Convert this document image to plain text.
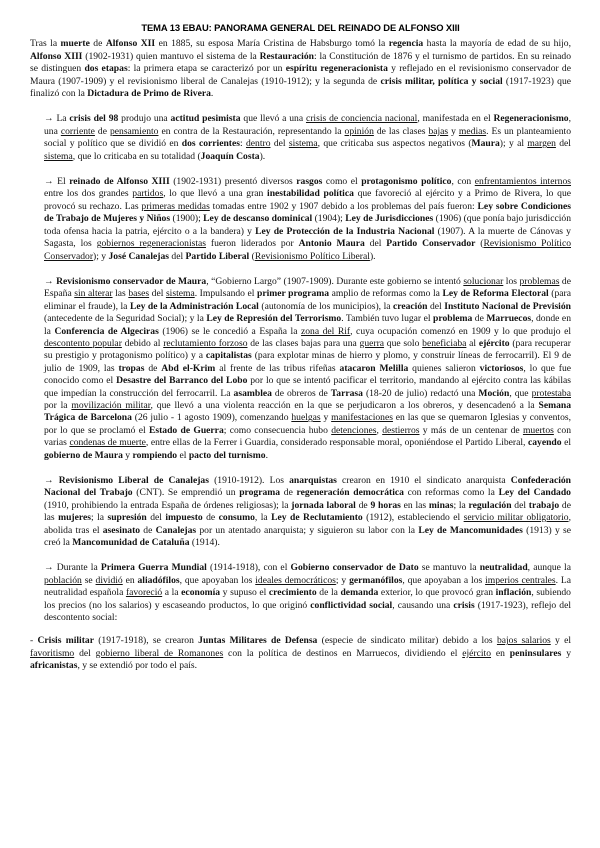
TEMA 13 EBAU: PANORAMA GENERAL DEL REINADO DE ALFONSO XIII

Tras la muerte de Alfonso XII en 1885, su esposa María Cristina de Habsburgo tomó la regencia hasta la mayoría de edad de su hijo, Alfonso XIII (1902-1931) quien mantuvo el sistema de la Restauración: la Constitución de 1876 y el turnismo de partidos. En su reinado se distinguen dos etapas: la primera etapa se caracterizó por un espíritu regeneracionista y reflejado en el revisionismo conservador de Maura (1907-1909) y el revisionismo liberal de Canalejas (1910-1912); y la segunda de crisis militar, política y social (1917-1923) que finalizó con la Dictadura de Primo de Rivera.

→ La crisis del 98 produjo una actitud pesimista que llevó a una crisis de conciencia nacional, manifestada en el Regeneracionismo, una corriente de pensamiento en contra de la Restauración, representando la opinión de las clases bajas y medias. Es un planteamiento social y político que se dividió en dos corrientes: dentro del sistema, que criticaba sus aspectos negativos (Maura); y al margen del sistema, que lo criticaba en su totalidad (Joaquín Costa).

→ El reinado de Alfonso XIII (1902-1931) presentó diversos rasgos como el protagonismo político, con enfrentamientos internos entre los dos grandes partidos, lo que llevó a una gran inestabilidad política que favoreció al ejército y a Primo de Rivera, lo que provocó su rechazo. Las primeras medidas tomadas entre 1902 y 1907 debido a los problemas del país fueron: Ley sobre Condiciones de Trabajo de Mujeres y Niños (1900); Ley de descanso dominical (1904); Ley de Jurisdicciones (1906) (que ponía bajo jurisdicción toda ofensa hacia la patria, ejército o a la bandera) y Ley de Protección de la Industria Nacional (1907). A la muerte de Cánovas y Sagasta, los gobiernos regeneracionistas fueron liderados por Antonio Maura del Partido Conservador (Revisionismo Político Conservador); y José Canalejas del Partido Liberal (Revisionismo Político Liberal).

→ Revisionismo conservador de Maura, “Gobierno Largo” (1907-1909). Durante este gobierno se intentó solucionar los problemas de España sin alterar las bases del sistema. Impulsando el primer programa amplio de reformas como la Ley de Reforma Electoral (para eliminar el fraude), la Ley de la Administración Local (autonomía de los municipios), la creación del Instituto Nacional de Previsión (antecedente de la Seguridad Social); y la Ley de Represión del Terrorismo. También tuvo lugar el problema de Marruecos, donde en la Conferencia de Algeciras (1906) se le concedió a España la zona del Rif, cuya ocupación comenzó en 1909 y lo que produjo el descontento popular debido al reclutamiento forzoso de las clases bajas para una guerra que solo beneficiaba al ejército (para recuperar su prestigio y protagonismo político) y a capitalistas (para explotar minas de hierro y plomo, y construir líneas de ferrocarril). El 9 de julio de 1909, las tropas de Abd el-Krim al frente de las tribus rifeñas atacaron Melilla quienes salieron victoriosos, lo que fue conocido como el Desastre del Barranco del Lobo por lo que se intentó pacificar el territorio, mandando al ejército contra las kábilas que impedían la construcción del ferrocarril. La asamblea de obreros de Tarrasa (18-20 de julio) redactó una Moción, que protestaba por la movilización militar, que llevó a una violenta reacción en la que se perjudicaron a los obreros, y desencadenó a la Semana Trágica de Barcelona (26 julio - 1 agosto 1909), comenzando huelgas y manifestaciones en las que se quemaron Iglesias y conventos, por lo que se proclamó el Estado de Guerra; como consecuencia hubo detenciones, destierros y más de un centenar de muertos con varias condenas de muerte, entre ellas de la Ferrer i Guardia, considerado responsable moral, oponiéndose el Partido Liberal, cayendo el gobierno de Maura y rompiendo el pacto del turnismo.

→ Revisionismo Liberal de Canalejas (1910-1912). Los anarquistas crearon en 1910 el sindicato anarquista Confederación Nacional del Trabajo (CNT). Se emprendió un programa de regeneración democrática con reformas como la Ley del Candado (1910, prohibiendo la entrada España de órdenes religiosas); la jornada laboral de 9 horas en las minas; la regulación del trabajo de las mujeres; la supresión del impuesto de consumo, la Ley de Reclutamiento (1912), estableciendo el servicio militar obligatorio, abolida tras el asesinato de Canalejas por un atentado anarquista; y siguieron su labor con la Ley de Mancomunidades (1913) y se creó la Mancomunidad de Cataluña (1914).

→ Durante la Primera Guerra Mundial (1914-1918), con el Gobierno conservador de Dato se mantuvo la neutralidad, aunque la población se dividió en aliadófilos, que apoyaban los ideales democráticos; y germanófilos, que apoyaban a los imperios centrales. La neutralidad española favoreció a la economía y supuso el crecimiento de la demanda exterior, lo que provocó gran inflación, subiendo los precios (no los salarios) y escaseando productos, lo que originó conflictividad social, causando una crisis (1917-1923), reflejo del descontento social:

- Crisis militar (1917-1918), se crearon Juntas Militares de Defensa (especie de sindicato militar) debido a los bajos salarios y el favoritismo del gobierno liberal de Romanones con la política de destinos en Marruecos, dividiendo el ejército en peninsulares y africanistas, y se extendió por todo el país.
